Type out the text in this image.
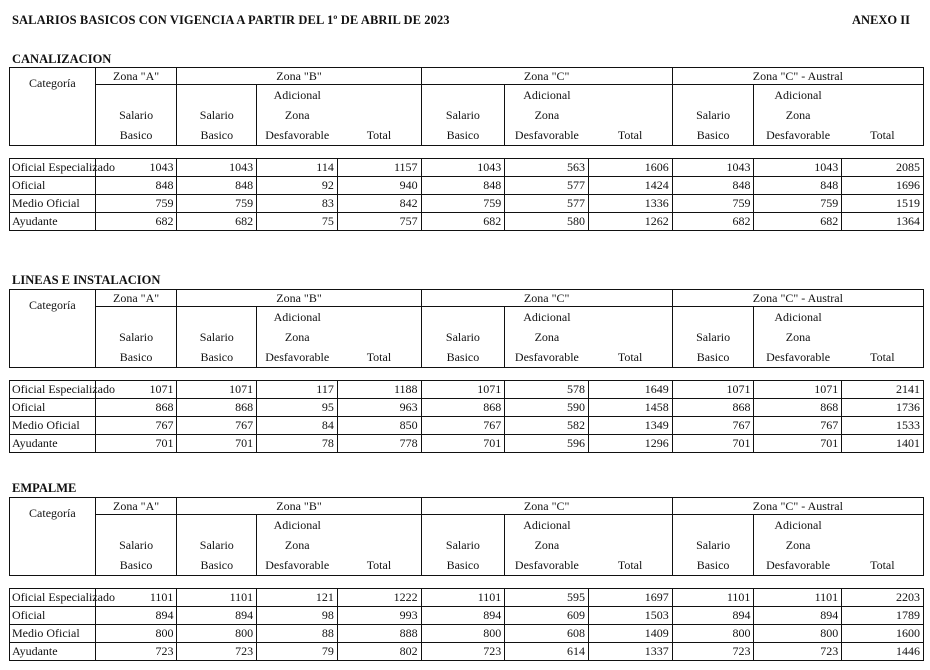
SALARIOS BASICOS CON VIGENCIA A PARTIR DEL 1º DE ABRIL DE 2023	ANEXO II
CANALIZACION
Categoría	Zona "A"	Zona "B"			Zona "C"			Zona "C" - Austral		
			Adicional			Adicional			Adicional	
	Salario	Salario	Zona		Salario	Zona		Salario	Zona	
	Basico	Basico	Desfavorable	Total	Basico	Desfavorable	Total	Basico	Desfavorable	Total

Oficial Especializado	1043	1043	114	1157	1043	563	1606	1043	1043	2085
Oficial	848	848	92	940	848	577	1424	848	848	1696
Medio Oficial	759	759	83	842	759	577	1336	759	759	1519
Ayudante	682	682	75	757	682	580	1262	682	682	1364
LINEAS E INSTALACION
Categoría	Zona "A"	Zona "B"			Zona "C"			Zona "C" - Austral		
			Adicional			Adicional			Adicional	
	Salario	Salario	Zona		Salario	Zona		Salario	Zona	
	Basico	Basico	Desfavorable	Total	Basico	Desfavorable	Total	Basico	Desfavorable	Total

Oficial Especializado	1071	1071	117	1188	1071	578	1649	1071	1071	2141
Oficial	868	868	95	963	868	590	1458	868	868	1736
Medio Oficial	767	767	84	850	767	582	1349	767	767	1533
Ayudante	701	701	78	778	701	596	1296	701	701	1401
EMPALME
Categoría	Zona "A"	Zona "B"			Zona "C"			Zona "C" - Austral		
			Adicional			Adicional			Adicional	
	Salario	Salario	Zona		Salario	Zona		Salario	Zona	
	Basico	Basico	Desfavorable	Total	Basico	Desfavorable	Total	Basico	Desfavorable	Total

Oficial Especializado	1101	1101	121	1222	1101	595	1697	1101	1101	2203
Oficial	894	894	98	993	894	609	1503	894	894	1789
Medio Oficial	800	800	88	888	800	608	1409	800	800	1600
Ayudante	723	723	79	802	723	614	1337	723	723	1446
